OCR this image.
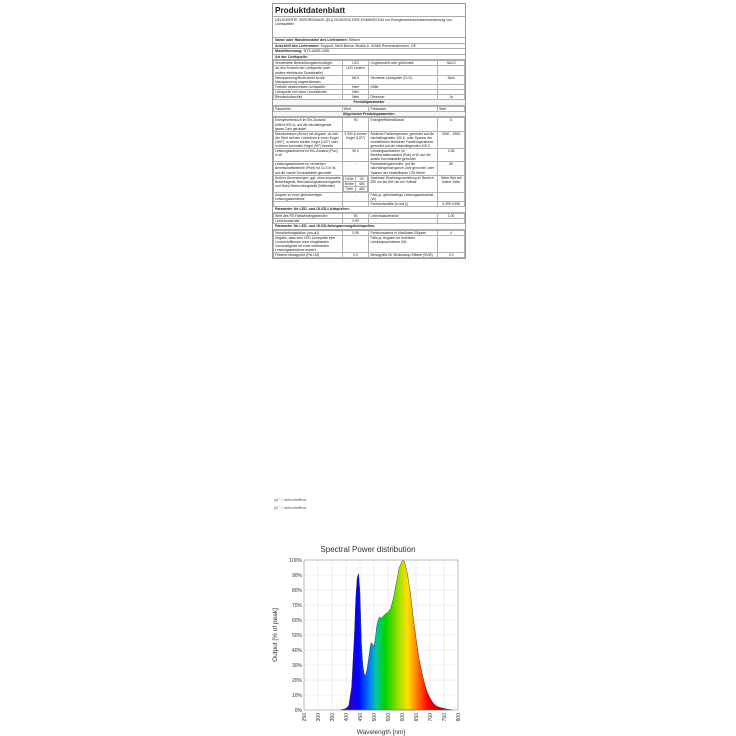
Produktdatenblatt
DELEGIERTE VERORDNUNG (EU) 2019/2015 DER KOMMISSION zur Energieverbrauchskennzeichnung von Lichtquellen
Name oder Handelsmarke des Lieferanten: Nelsen
Anschrift des Lieferanten: Support, Melli-Beese-Straße 6, 41569 Rommerskirchen, DE
Modellkennung: NTS-A00E-43W
Art der Lichtquelle:
Verwendete Beleuchtungstechnologie:	LED	Ungebündelt oder gebündelt:	NDLS
Art des Sockels der Lichtquelle (oder andere elektrische Schnittstelle)	LED Leisten		
Netzspannung/Nicht direkt an die Netzspannung angeschlossen:	MLS	Vernetzte Lichtquelle (CLS):	Nein
Farblich abstimmbare Lichtquelle:	Nein	Hülle:	-
Lichtquelle mit hoher Leuchtdichte:	Nein		
Blendschutzschild	Nein	Dimmbar:	Ja
Produktparameter
Parameter	Wert	Parameter	Wert
Allgemeine Produktparameter:
Energieverbrauch im Ein-Zustand (kWh/1000 h), auf die nächstfolgende ganze Zahl gerundet	90	Energieeffizienzklasse	G
Nutzlichtstrom (Φuse) mit Angabe, ob sich der Wert auf den Lichtstrom in einer Kugel (360°), in einem breiten Kegel (120°) oder in einem schmalen Kegel (90°) bezieht	3 500 in breiter Kegel (120°)	Ähnliche Farbtemperatur, gerundet auf die nächstliegenden 100 K, oder Spanne der einstellbaren ähnlichen Farbtemperaturen, gerundet auf die nächstliegenden 100 K	3000…6500
Leistungsaufnahme im Ein-Zustand (Pon) in W	90,0	Leistungsaufnahme im Bereitschaftszustand (Psb) in W, auf die zweite Dezimalstelle gerundet	0,38
Leistungsaufnahme im vernetzten Bereitschaftsbetrieb (Pnet) für CLS in W, auf die zweite Dezimalstelle gerundet	-	Farbwiedergabeindex, auf die nächstfolgende ganze Zahl gerundet, oder Spanne der einstellbaren CRI-Werte	80
Äußere Abmessungen, ggf. ohne separates Betriebsgerät, Beleuchtungssteuerungsteile und Nicht-Beleuchtungsteile (Millimeter)	
Höhe	00
Breite	480
Tiefe	480
	Spektrale Strahlungsverteilung im Bereich 250 nm bis 800 nm bei Volllast	Siehe Bild auf letzter Seite
Angabe zu einer gleichwertigen Leistungsaufnahme	-	Falls ja, gleichwertige Leistungsaufnahme (W)	-
		Farbwertanteile (x und y)	0,399 0,396
Parameter für LED- und OLED-Lichtquellen:
Wert des R9-Farbwiedergabeindex	80	Lebensdauerfaktor	1,00
Lichtstromerhalt	0,99		
Parameter für LED- und OLED-Netzspannungslichtquellen:
Verschiebungsfaktor (cos φ1)	0,95	Farbkonsistenz in MacAdam-Ellipsen	4
Angabe, dass eine LED-Lichtquelle eine Leuchtstofflampe ohne eingebautes Vorschaltgerät mit einer bestimmten Leistungsaufnahme ersetzt.	-	Falls ja, Angabe zur ersetzten Leistungsaufnahme (W)	-
Flimmer-Messgröße (Pst LM)	0,0	Messgröße für Stroboskop-Effekte (SVM)	0,0
(a) "-": nicht zutreffend;
(b) "-": nicht zutreffend;
Spectral Power distribution
0%
10%
20%
30%
40%
50%
60%
70%
80%
90%
100%
250 300 350 400 450 500 550 600 650 700 750 800
Wavelength [nm]
Output [% of peak]
